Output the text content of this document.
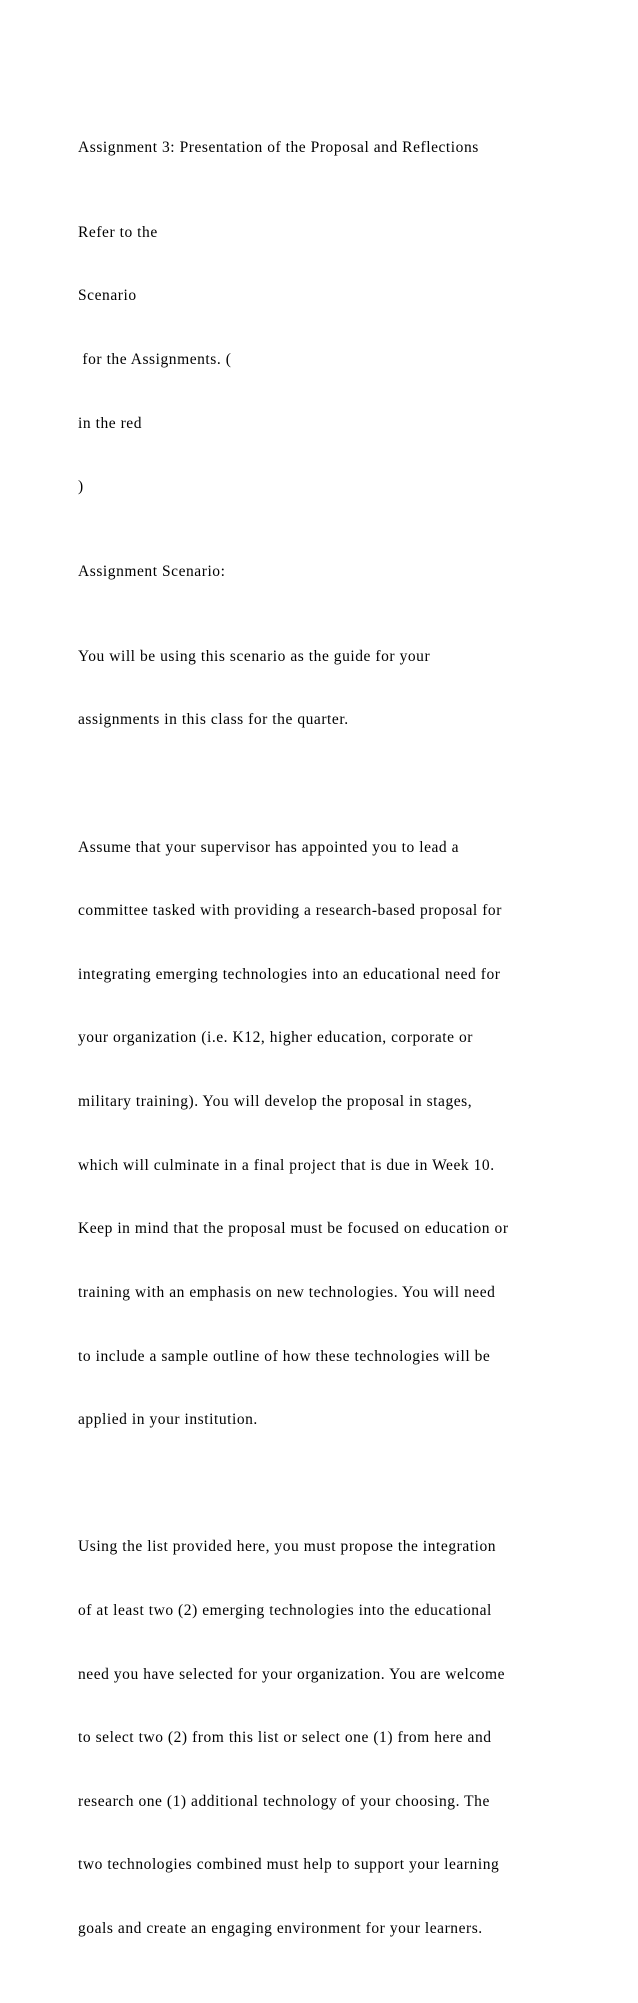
Assignment 3: Presentation of the Proposal and Reflections

Refer to the

Scenario

for the Assignments. (

in the red

)

Assignment Scenario:

You will be using this scenario as the guide for your

assignments in this class for the quarter.

Assume that your supervisor has appointed you to lead a

committee tasked with providing a research-based proposal for

integrating emerging technologies into an educational need for

your organization (i.e. K12, higher education, corporate or

military training). You will develop the proposal in stages,

which will culminate in a final project that is due in Week 10.

Keep in mind that the proposal must be focused on education or

training with an emphasis on new technologies. You will need

to include a sample outline of how these technologies will be

applied in your institution.

Using the list provided here, you must propose the integration

of at least two (2) emerging technologies into the educational

need you have selected for your organization. You are welcome

to select two (2) from this list or select one (1) from here and

research one (1) additional technology of your choosing. The

two technologies combined must help to support your learning

goals and create an engaging environment for your learners.
